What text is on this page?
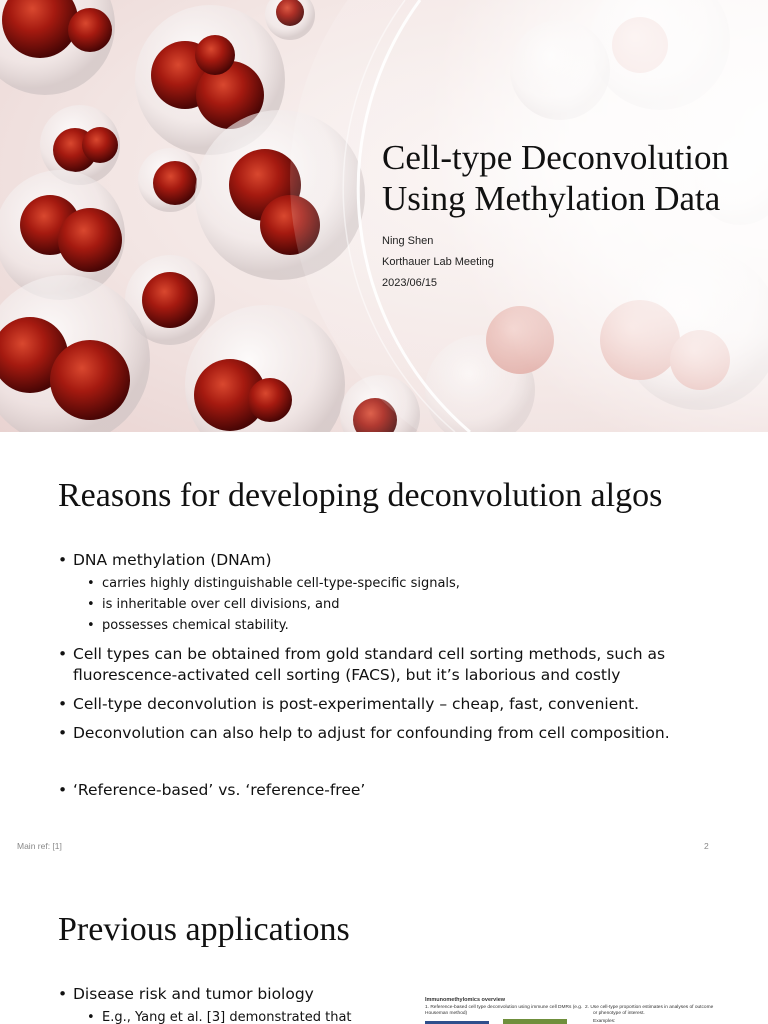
Cell-type Deconvolution Using Methylation Data
Ning Shen
Korthauer Lab Meeting
2023/06/15
Reasons for developing deconvolution algos
• DNA methylation (DNAm)
• carries highly distinguishable cell-type-specific signals,
• is inheritable over cell divisions, and
• possesses chemical stability.
• Cell types can be obtained from gold standard cell sorting methods, such as fluorescence-activated cell sorting (FACS), but it’s laborious and costly
• Cell-type deconvolution is post-experimentally – cheap, fast, convenient.
• Deconvolution can also help to adjust for confounding from cell composition.
• ‘Reference-based’ vs. ‘reference-free’
Main ref: [1]	2
Previous applications
• Disease risk and tumor biology
• E.g., Yang et al. [3] demonstrated that
Immunomethylomics overview
1. Reference-based cell type deconvolution using immune cell DMRs (e.g.
Houseman method)
2. Use cell-type proportion estimates in analyses of outcome
or phenotype of interest.
Examples:
